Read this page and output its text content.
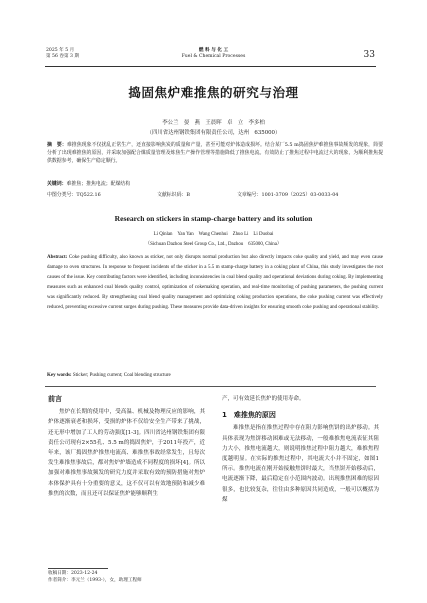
2025 年 5 月
第 56 卷第 3 期
燃 料 与 化 工
Fuel & Chemical Processes	33
捣固焦炉难推焦的研究与治理
李公兰　晏　燕　王晨晖　卓　立　李多柏
（四川省达州钢铁集团有限责任公司，达州　635000）
摘　要：难推焦现象不仅扰乱正常生产，还直接影响焦炭的质量和产量，甚至可能对炉体造成损坏。结合某厂5.5 m捣固焦炉难推焦事故频发的现象，简要分析了出现难推焦的原因，并采取加强配合煤质量管理及炼焦生产操作管理等措施降低了推焦电流。有效防止了推焦过程中电流过大的现象，为顺利推焦提供数据参考，确保生产稳定顺行。
关键词：难推焦；推焦电流；配煤结构
中图分类号：TQ522.16	文献标识码：B	文章编号：1001-3709（2025）03-0033-04
Research on stickers in stamp-charge battery and its solution
Li Qinlan　Yan Yan　Wang Chenhui　Zhuo Li　Li Duobai
（Sichuan Dazhou Steel Group Co., Ltd., Dazhou　635000, China）
Abstract: Coke pushing difficulty, also known as sticker, not only disrupts normal production but also directly impacts coke quality and yield, and may even cause damage to oven structures. In response to frequent incidents of the sticker in a 5.5 m stamp-charge battery in a coking plant of China, this study investigates the root causes of the issue. Key contributing factors were identified, including inconsistencies in coal blend quality and operational deviations during coking. By implementing measures such as enhanced coal blends quality control, optimization of cokemaking operation, and real-time monitoring of pushing parameters, the pushing current was significantly reduced. By strengthening coal blend quality management and optimizing coking production operations, the coke pushing current was effectively reduced, preventing excessive current surges during pushing. These measures provide data-driven insights for ensuring smooth coke pushing and operational stability.
Key words: Sticker; Pushing current; Coal blending structure
前言
焦炉在长期的使用中，受高温、机械及物理反应的影响，其炉体逐渐衰老和损坏，受损的炉体不仅给安全生产带来了挑战，还无形中增加了工人的劳动强度[1-3]。四川省达州钢铁集团有限责任公司现有2×55孔、5.5 m的捣固焦炉，于2011年投产，近年来，该厂捣固焦炉推焦电流高、难推焦事故经常发生，且每次发生难推焦事故后，都对焦炉炉墙造成不同程度的损坏[4]。所以加强对难推焦事故频发的研究力度并采取有效的预防措施对焦炉本体保护具有十分重要的意义，这不仅可以有效地预防和减少难推焦的次数，而且还可以保证焦炉能够顺利生
产，可有效延长焦炉的使用寿命。
1　难推焦的原因
难推焦是指在推焦过程中存在阻力影响焦饼的出炉移动。其具体表现为焦饼移动困难或无法移动，一般难推焦电流表征其阻力大小，推焦电流越大，则说明推焦过程中阻力越大，难推焦程度越明显。在实际的推焦过程中，其电流大小并不固定，如图1所示。推焦电流在刚开始接触焦饼时最大，当焦饼开始移动后，电流逐渐下降，最后稳定在小范围内波动。出现推焦困难的原因很多，也比较复杂，往往由多种原因共同造成，一般可以概括为煤
收稿日期：2023-12-24
作者简介：李元兰（1993-），女，助理工程师
